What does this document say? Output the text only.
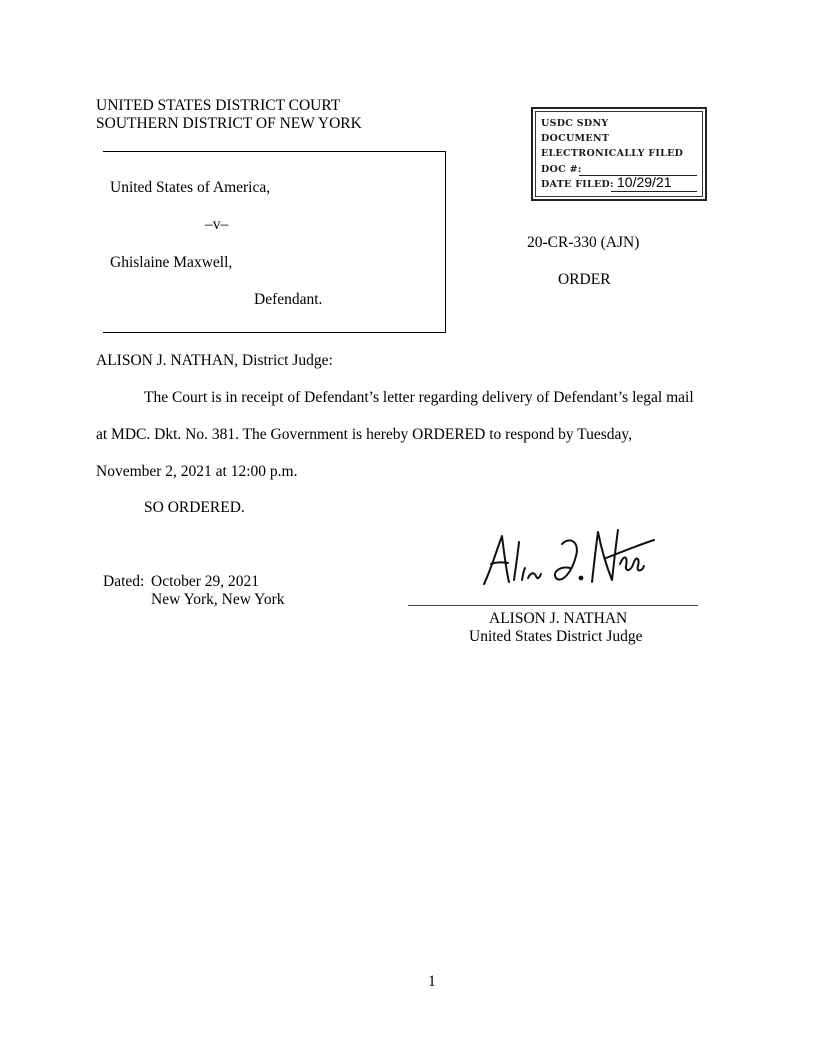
UNITED STATES DISTRICT COURT
SOUTHERN DISTRICT OF NEW YORK
United States of America,
–v–
Ghislaine Maxwell,
Defendant.
USDC SDNY
DOCUMENT
ELECTRONICALLY FILED
DOC #:
DATE FILED: 10/29/21
20-CR-330 (AJN)
ORDER
ALISON J. NATHAN, District Judge:
The Court is in receipt of Defendant’s letter regarding delivery of Defendant’s legal mail
at MDC. Dkt. No. 381. The Government is hereby ORDERED to respond by Tuesday,
November 2, 2021 at 12:00 p.m.
SO ORDERED.
Dated: October 29, 2021
New York, New York
ALISON J. NATHAN
United States District Judge
1
